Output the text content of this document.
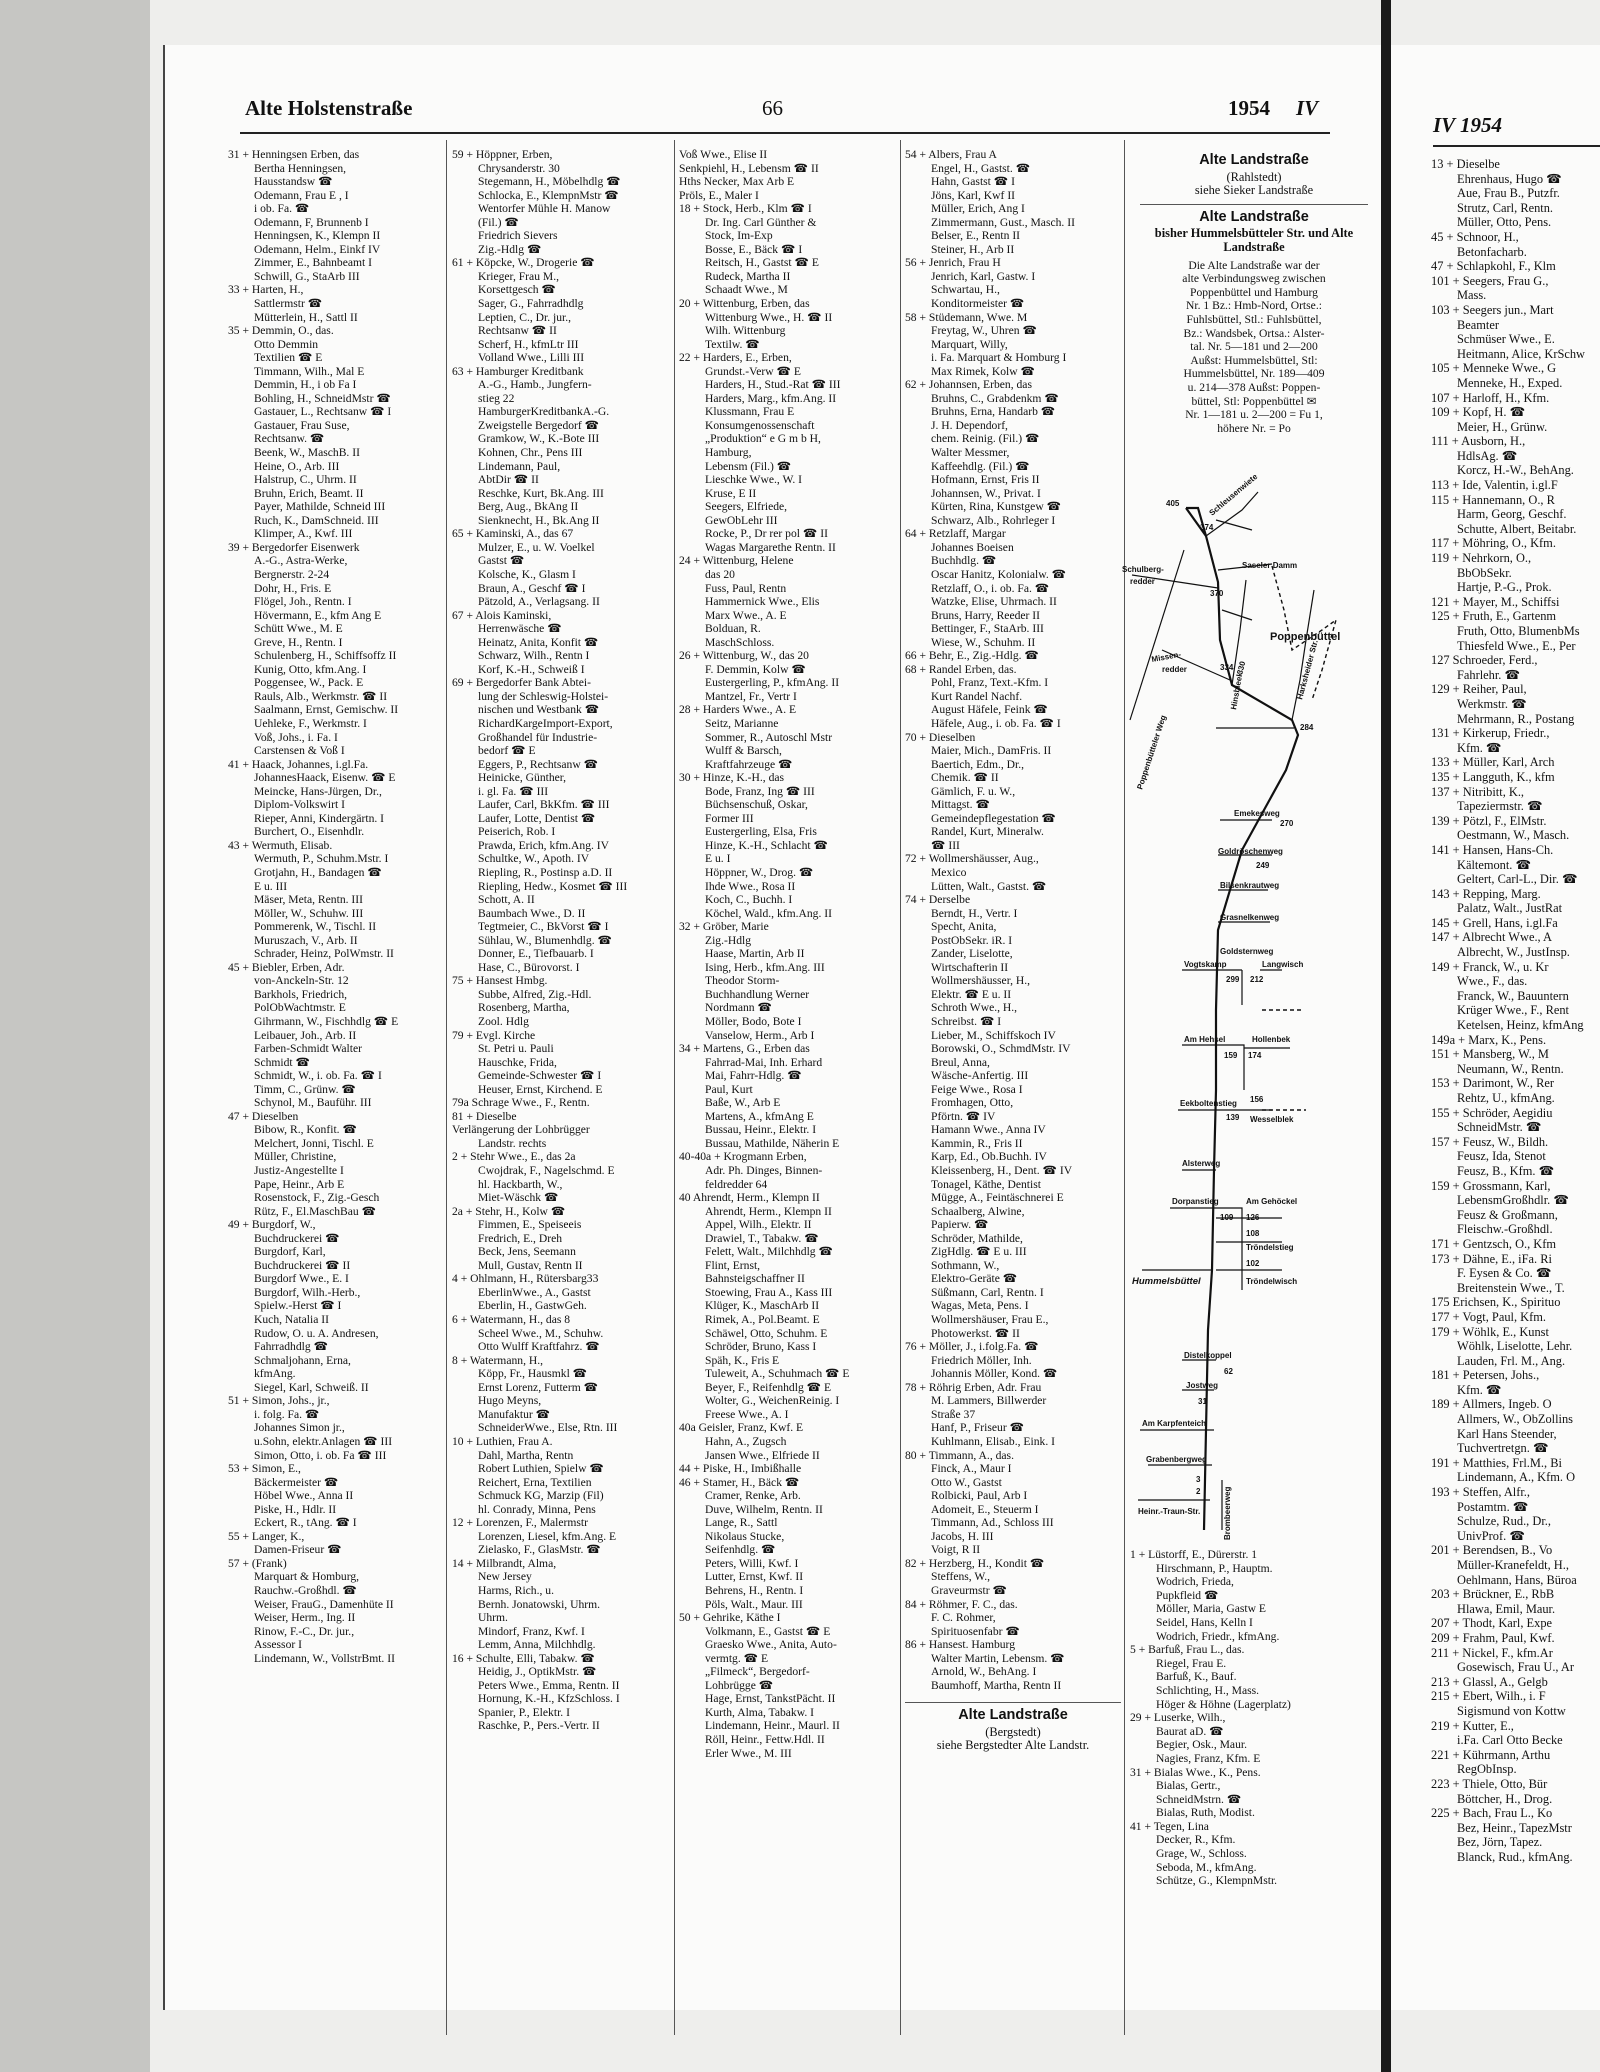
IV 1954
13 + Dieselbe
Ehrenhaus, Hugo ☎
Aue, Frau B., Putzfr.
Strutz, Carl, Rentn.
Müller, Otto, Pens.
45 + Schnoor, H.,
Betonfacharb.
47 + Schlapkohl, F., Klm
101 + Seegers, Frau G.,
Mass.
103 + Seegers jun., Mart
Beamter
Schmüser Wwe., E.
Heitmann, Alice, KrSchw
105 + Menneke Wwe., G
Menneke, H., Exped.
107 + Harloff, H., Kfm.
109 + Kopf, H. ☎
Meier, H., Grünw.
111 + Ausborn, H.,
HdlsAg. ☎
Korcz, H.-W., BehAng.
113 + Ide, Valentin, i.gl.F
115 + Hannemann, O., R
Harm, Georg, Geschf.
Schutte, Albert, Beitabr.
117 + Möhring, O., Kfm.
119 + Nehrkorn, O.,
BbObSekr.
Hartje, P.-G., Prok.
121 + Mayer, M., Schiffsi
125 + Fruth, E., Gartenm
Fruth, Otto, BlumenbMs
Thiesfeld Wwe., E., Per
127 Schroeder, Ferd.,
Fahrlehr. ☎
129 + Reiher, Paul,
Werkmstr. ☎
Mehrmann, R., Postang
131 + Kirkerup, Friedr.,
Kfm. ☎
133 + Müller, Karl, Arch
135 + Langguth, K., kfm
137 + Nitribitt, K.,
Tapeziermstr. ☎
139 + Pötzl, F., ElMstr.
Oestmann, W., Masch.
141 + Hansen, Hans-Ch.
Kältemont. ☎
Geltert, Carl-L., Dir. ☎
143 + Repping, Marg.
Palatz, Walt., JustRat
145 + Grell, Hans, i.gl.Fa
147 + Albrecht Wwe., A
Albrecht, W., JustInsp.
149 + Franck, W., u. Kr
Wwe., F., das.
Franck, W., Bauuntern
Krüger Wwe., F., Rent
Ketelsen, Heinz, kfmAng
149a + Marx, K., Pens.
151 + Mansberg, W., M
Neumann, W., Rentn.
153 + Darimont, W., Rer
Rehtz, U., kfmAng.
155 + Schröder, Aegidiu
SchneidMstr. ☎
157 + Feusz, W., Bildh.
Feusz, Ida, Stenot
Feusz, B., Kfm. ☎
159 + Grossmann, Karl,
LebensmGroßhdlr. ☎
Feusz & Großmann,
Fleischw.-Großhdl.
171 + Gentzsch, O., Kfm
173 + Dähne, E., iFa. Ri
F. Eysen & Co. ☎
Breitenstein Wwe., T.
175 Erichsen, K., Spirituo
177 + Vogt, Paul, Kfm.
179 + Wöhlk, E., Kunst
Wöhlk, Liselotte, Lehr.
Lauden, Frl. M., Ang.
181 + Petersen, Johs.,
Kfm. ☎
189 + Allmers, Ingeb. O
Allmers, W., ObZollins
Karl Hans Steender,
Tuchvertretgn. ☎
191 + Matthies, Frl.M., Bi
Lindemann, A., Kfm. O
193 + Steffen, Alfr.,
Postamtm. ☎
Schulze, Rud., Dr.,
UnivProf. ☎
201 + Berendsen, B., Vo
Müller-Kranefeldt, H.,
Oehlmann, Hans, Büroa
203 + Brückner, E., RbB
Hlawa, Emil, Maur.
207 + Thodt, Karl, Expe
209 + Frahm, Paul, Kwf.
211 + Nickel, F., kfm.Ar
Gosewisch, Frau U., Ar
213 + Glassl, A., Gelgb
215 + Ebert, Wilh., i. F
Sigismund von Kottw
219 + Kutter, E.,
i.Fa. Carl Otto Becke
221 + Kührmann, Arthu
RegObInsp.
223 + Thiele, Otto, Bür
Böttcher, H., Drog.
225 + Bach, Frau L., Ko
Bez, Heinr., TapezMstr
Bez, Jörn, Tapez.
Blanck, Rud., kfmAng.
Alte Holstenstraße	66	1954 IV
31 + Henningsen Erben, das
Bertha Henningsen,
Hausstandsw ☎
Odemann, Frau E , I
i ob. Fa. ☎
Odemann, F, Brunnenb I
Henningsen, K., Klempn II
Odemann, Helm., Einkf IV
Zimmer, E., Bahnbeamt I
Schwill, G., StaArb III
33 + Harten, H.,
Sattlermstr ☎
Mütterlein, H., Sattl II
35 + Demmin, O., das.
Otto Demmin
Textilien ☎ E
Timmann, Wilh., Mal E
Demmin, H., i ob Fa I
Bohling, H., SchneidMstr ☎
Gastauer, L., Rechtsanw ☎ I
Gastauer, Frau Suse,
Rechtsanw. ☎
Beenk, W., MaschB. II
Heine, O., Arb. III
Halstrup, C., Uhrm. II
Bruhn, Erich, Beamt. II
Payer, Mathilde, Schneid III
Ruch, K., DamSchneid. III
Klimper, A., Kwf. III
39 + Bergedorfer Eisenwerk
A.-G., Astra-Werke,
Bergnerstr. 2-24
Dohr, H., Fris. E
Flögel, Joh., Rentn. I
Hövermann, E., kfm Ang E
Schütt Wwe., M. E
Greve, H., Rentn. I
Schulenberg, H., Schiffsoffz II
Kunig, Otto, kfm.Ang. I
Poggensee, W., Pack. E
Rauls, Alb., Werkmstr. ☎ II
Saalmann, Ernst, Gemischw. II
Uehleke, F., Werkmstr. I
Voß, Johs., i. Fa. I
Carstensen & Voß I
41 + Haack, Johannes, i.gl.Fa.
JohannesHaack, Eisenw. ☎ E
Meincke, Hans-Jürgen, Dr.,
Diplom-Volkswirt I
Rieper, Anni, Kindergärtn. I
Burchert, O., Eisenhdlr.
43 + Wermuth, Elisab.
Wermuth, P., Schuhm.Mstr. I
Grotjahn, H., Bandagen ☎
E u. III
Mäser, Meta, Rentn. III
Möller, W., Schuhw. III
Pommerenk, W., Tischl. II
Muruszach, V., Arb. II
Schrader, Heinz, PolWmstr. II
45 + Biebler, Erben, Adr.
von-Anckeln-Str. 12
Barkhols, Friedrich,
PolObWachtmstr. E
Gihrmann, W., Fischhdlg ☎ E
Leibauer, Joh., Arb. II
Farben-Schmidt Walter
Schmidt ☎
Schmidt, W., i. ob. Fa. ☎ I
Timm, C., Grünw. ☎
Schynol, M., Bauführ. III
47 + Dieselben
Bibow, R., Konfit. ☎
Melchert, Jonni, Tischl. E
Müller, Christine,
Justiz-Angestellte I
Pape, Heinr., Arb E
Rosenstock, F., Zig.-Gesch
Rütz, F., El.MaschBau ☎
49 + Burgdorf, W.,
Buchdruckerei ☎
Burgdorf, Karl,
Buchdruckerei ☎ II
Burgdorf Wwe., E. I
Burgdorf, Wilh.-Herb.,
Spielw.-Herst ☎ I
Kuch, Natalia II
Rudow, O. u. A. Andresen,
Fahrradhdlg ☎
Schmaljohann, Erna,
kfmAng.
Siegel, Karl, Schweiß. II
51 + Simon, Johs., jr.,
i. folg. Fa. ☎
Johannes Simon jr.,
u.Sohn, elektr.Anlagen ☎ III
Simon, Otto, i. ob. Fa ☎ III
53 + Simon, E.,
Bäckermeister ☎
Höbel Wwe., Anna II
Piske, H., Hdlr. II
Eckert, R., tAng. ☎ I
55 + Langer, K.,
Damen-Friseur ☎
57 + (Frank)
Marquart & Homburg,
Rauchw.-Großhdl. ☎
Weiser, FrauG., Damenhüte II
Weiser, Herm., Ing. II
Rinow, F.-C., Dr. jur.,
Assessor I
Lindemann, W., VollstrBmt. II
59 + Höppner, Erben,
Chrysanderstr. 30
Stegemann, H., Möbelhdlg ☎
Schlocka, E., KlempnMstr ☎
Wentorfer Mühle H. Manow
(Fil.) ☎
Friedrich Sievers
Zig.-Hdlg ☎
61 + Köpcke, W., Drogerie ☎
Krieger, Frau M.,
Korsettgesch ☎
Sager, G., Fahrradhdlg
Leptien, C., Dr. jur.,
Rechtsanw ☎ II
Scherf, H., kfmLtr III
Volland Wwe., Lilli III
63 + Hamburger Kreditbank
A.-G., Hamb., Jungfern-
stieg 22
HamburgerKreditbankA.-G.
Zweigstelle Bergedorf ☎
Gramkow, W., K.-Bote III
Kohnen, Chr., Pens III
Lindemann, Paul,
AbtDir ☎ II
Reschke, Kurt, Bk.Ang. III
Berg, Aug., BkAng II
Sienknecht, H., Bk.Ang II
65 + Kaminski, A., das 67
Mulzer, E., u. W. Voelkel
Gastst ☎
Kolsche, K., Glasm I
Braun, A., Geschf ☎ I
Pätzold, A., Verlagsang. II
67 + Alois Kaminski,
Herrenwäsche ☎
Heinatz, Anita, Konfit ☎
Schwarz, Wilh., Rentn I
Korf, K.-H., Schweiß I
69 + Bergedorfer Bank Abtei-
lung der Schleswig-Holstei-
nischen und Westbank ☎
RichardKargeImport-Export,
Großhandel für Industrie-
bedorf ☎ E
Eggers, P., Rechtsanw ☎
Heinicke, Günther,
i. gl. Fa. ☎ III
Laufer, Carl, BkKfm. ☎ III
Laufer, Lotte, Dentist ☎
Peiserich, Rob. I
Prawda, Erich, kfm.Ang. IV
Schultke, W., Apoth. IV
Riepling, R., Postinsp a.D. II
Riepling, Hedw., Kosmet ☎ III
Schott, A. II
Baumbach Wwe., D. II
Tegtmeier, C., BkVorst ☎ I
Sühlau, W., Blumenhdlg. ☎
Donner, E., Tiefbauarb. I
Hase, C., Bürovorst. I
75 + Hansest Hmbg.
Subbe, Alfred, Zig.-Hdl.
Rosenberg, Martha,
Zool. Hdlg
79 + Evgl. Kirche
St. Petri u. Pauli
Hauschke, Frida,
Gemeinde-Schwester ☎ I
Heuser, Ernst, Kirchend. E
79a Schrage Wwe., F., Rentn.
81 + Dieselbe
Verlängerung der Lohbrügger
Landstr. rechts
2 + Stehr Wwe., E., das 2a
Cwojdrak, F., Nagelschmd. E
hl. Hackbarth, W.,
Miet-Wäschk ☎
2a + Stehr, H., Kolw ☎
Fimmen, E., Speiseeis
Fredrich, E., Dreh
Beck, Jens, Seemann
Mull, Gustav, Rentn II
4 + Ohlmann, H., Rütersbarg33
EberlinWwe., A., Gastst
Eberlin, H., GastwGeh.
6 + Watermann, H., das 8
Scheel Wwe., M., Schuhw.
Otto Wulff Kraftfahrz. ☎
8 + Watermann, H.,
Köpp, Fr., Hausmkl ☎
Ernst Lorenz, Futterm ☎
Hugo Meyns,
Manufaktur ☎
SchneiderWwe., Else, Rtn. III
10 + Luthien, Frau A.
Dahl, Martha, Rentn
Robert Luthien, Spielw ☎
Reichert, Erna, Textilien
Schmuck KG, Marzip (Fil)
hl. Conrady, Minna, Pens
12 + Lorenzen, F., Malermstr
Lorenzen, Liesel, kfm.Ang. E
Zielasko, F., GlasMstr. ☎
14 + Milbrandt, Alma,
New Jersey
Harms, Rich., u.
Bernh. Jonatowski, Uhrm.
Uhrm.
Mindorf, Franz, Kwf. I
Lemm, Anna, Milchhdlg.
16 + Schulte, Elli, Tabakw. ☎
Heidig, J., OptikMstr. ☎
Peters Wwe., Emma, Rentn. II
Hornung, K.-H., KfzSchloss. I
Spanier, P., Elektr. I
Raschke, P., Pers.-Vertr. II
Voß Wwe., Elise II
Senkpiehl, H., Lebensm ☎ II
Hths Necker, Max Arb E
Pröls, E., Maler I
18 + Stock, Herb., Klm ☎ I
Dr. Ing. Carl Günther &
Stock, Im-Exp
Bosse, E., Bäck ☎ I
Reitsch, H., Gastst ☎ E
Rudeck, Martha II
Schaadt Wwe., M
20 + Wittenburg, Erben, das
Wittenburg Wwe., H. ☎ II
Wilh. Wittenburg
Textilw. ☎
22 + Harders, E., Erben,
Grundst.-Verw ☎ E
Harders, H., Stud.-Rat ☎ III
Harders, Marg., kfm.Ang. II
Klussmann, Frau E
Konsumgenossenschaft
„Produktion“ e G m b H,
Hamburg,
Lebensm (Fil.) ☎
Lieschke Wwe., W. I
Kruse, E II
Seegers, Elfriede,
GewObLehr III
Rocke, P., Dr rer pol ☎ II
Wagas Margarethe Rentn. II
24 + Wittenburg, Helene
das 20
Fuss, Paul, Rentn
Hammernick Wwe., Elis
Marx Wwe., A. E
Bolduan, R.
MaschSchloss.
26 + Wittenburg, W., das 20
F. Demmin, Kolw ☎
Eustergerling, P., kfmAng. II
Mantzel, Fr., Vertr I
28 + Harders Wwe., A. E
Seitz, Marianne
Sommer, R., Autoschl Mstr
Wulff & Barsch,
Kraftfahrzeuge ☎
30 + Hinze, K.-H., das
Bode, Franz, Ing ☎ III
Büchsenschuß, Oskar,
Former III
Eustergerling, Elsa, Fris
Hinze, K.-H., Schlacht ☎
E u. I
Höppner, W., Drog. ☎
Ihde Wwe., Rosa II
Koch, C., Buchh. I
Köchel, Wald., kfm.Ang. II
32 + Gröber, Marie
Zig.-Hdlg
Haase, Martin, Arb II
Ising, Herb., kfm.Ang. III
Theodor Storm-
Buchhandlung Werner
Nordmann ☎
Möller, Bodo, Bote I
Vanselow, Herm., Arb I
34 + Martens, G., Erben das
Fahrrad-Mai, Inh. Erhard
Mai, Fahrr-Hdlg. ☎
Paul, Kurt
Baße, W., Arb E
Martens, A., kfmAng E
Bussau, Heinr., Elektr. I
Bussau, Mathilde, Näherin E
40-40a + Krogmann Erben,
Adr. Ph. Dinges, Binnen-
feldredder 64
40 Ahrendt, Herm., Klempn II
Ahrendt, Herm., Klempn II
Appel, Wilh., Elektr. II
Drawiel, T., Tabakw. ☎
Felett, Walt., Milchhdlg ☎
Flint, Ernst,
Bahnsteigschaffner II
Stoewing, Frau A., Kass III
Klüger, K., MaschArb II
Rimek, A., Pol.Beamt. E
Schäwel, Otto, Schuhm. E
Schröder, Bruno, Kass I
Späh, K., Fris E
Tuleweit, A., Schuhmach ☎ E
Beyer, F., Reifenhdlg ☎ E
Wolter, G., WeichenReinig. I
Freese Wwe., A. I
40a Geisler, Franz, Kwf. E
Hahn, A., Zugsch
Jansen Wwe., Elfriede II
44 + Piske, H., Imbißhalle
46 + Stamer, H., Bäck ☎
Cramer, Renke, Arb.
Duve, Wilhelm, Rentn. II
Lange, R., Sattl
Nikolaus Stucke,
Seifenhdlg. ☎
Peters, Willi, Kwf. I
Lutter, Ernst, Kwf. II
Behrens, H., Rentn. I
Pöls, Walt., Maur. III
50 + Gehrike, Käthe I
Volkmann, E., Gastst ☎ E
Graesko Wwe., Anita, Auto-
vermtg. ☎ E
„Filmeck“, Bergedorf-
Lohbrügge ☎
Hage, Ernst, TankstPächt. II
Kurth, Alma, Tabakw. I
Lindemann, Heinr., Maurl. II
Röll, Heinr., Fettw.Hdl. II
Erler Wwe., M. III
54 + Albers, Frau A
Engel, H., Gastst. ☎
Hahn, Gastst ☎ I
Jöns, Karl, Kwf II
Müller, Erich, Ang I
Zimmermann, Gust., Masch. II
Belser, E., Rentn II
Steiner, H., Arb II
56 + Jenrich, Frau H
Jenrich, Karl, Gastw. I
Schwartau, H.,
Konditormeister ☎
58 + Stüdemann, Wwe. M
Freytag, W., Uhren ☎
Marquart, Willy,
i. Fa. Marquart & Homburg I
Max Rimek, Kolw ☎
62 + Johannsen, Erben, das
Bruhns, C., Grabdenkm ☎
Bruhns, Erna, Handarb ☎
J. H. Dependorf,
chem. Reinig. (Fil.) ☎
Walter Messmer,
Kaffeehdlg. (Fil.) ☎
Hofmann, Ernst, Fris II
Johannsen, W., Privat. I
Kürten, Rina, Kunstgew ☎
Schwarz, Alb., Rohrleger I
64 + Retzlaff, Margar
Johannes Boeisen
Buchhdlg. ☎
Oscar Hanitz, Kolonialw. ☎
Retzlaff, O., i. ob. Fa. ☎
Watzke, Elise, Uhrmach. II
Bruns, Harry, Reeder II
Bettinger, F., StaArb. III
Wiese, W., Schuhm. II
66 + Behr, E., Zig.-Hdlg. ☎
68 + Randel Erben, das.
Pohl, Franz, Text.-Kfm. I
Kurt Randel Nachf.
August Häfele, Feink ☎
Häfele, Aug., i. ob. Fa. ☎ I
70 + Dieselben
Maier, Mich., DamFris. II
Baertich, Edm., Dr.,
Chemik. ☎ II
Gämlich, F. u. W.,
Mittagst. ☎
Gemeindepflegestation ☎
Randel, Kurt, Mineralw.
☎ III
72 + Wollmershäusser, Aug.,
Mexico
Lütten, Walt., Gastst. ☎
74 + Derselbe
Berndt, H., Vertr. I
Specht, Anita,
PostObSekr. iR. I
Zander, Liselotte,
Wirtschafterin II
Wollmershäusser, H.,
Elektr. ☎ E u. II
Schroth Wwe., H.,
Schreibst. ☎ I
Lieber, M., Schiffskoch IV
Borowski, O., SchmdMstr. IV
Breul, Anna,
Wäsche-Anfertig. III
Feige Wwe., Rosa I
Fromhagen, Otto,
Pförtn. ☎ IV
Hamann Wwe., Anna IV
Kammin, R., Fris II
Karp, Ed., Ob.Buchh. IV
Kleissenberg, H., Dent. ☎ IV
Tonagel, Käthe, Dentist
Mügge, A., Feintäschnerei E
Schaalberg, Alwine,
Papierw. ☎
Schröder, Mathilde,
ZigHdlg. ☎ E u. III
Sothmann, W.,
Elektro-Geräte ☎
Süßmann, Carl, Rentn. I
Wagas, Meta, Pens. I
Wollmershäuser, Frau E.,
Photowerkst. ☎ II
76 + Möller, J., i.folg.Fa. ☎
Friedrich Möller, Inh.
Johannis Möller, Kond. ☎
78 + Röhrig Erben, Adr. Frau
M. Lammers, Billwerder
Straße 37
Hanf, P., Friseur ☎
Kuhlmann, Elisab., Eink. I
80 + Timmann, A., das.
Finck, A., Maur I
Otto W., Gastst
Rolbicki, Paul, Arb I
Adomeit, E., Steuerm I
Timmann, Ad., Schloss III
Jacobs, H. III
Voigt, R II
82 + Herzberg, H., Kondit ☎
Steffens, W.,
Graveurmstr ☎
84 + Röhmer, F. C., das.
F. C. Rohmer,
Spirituosenfabr ☎
86 + Hansest. Hamburg
Walter Martin, Lebensm. ☎
Arnold, W., BehAng. I
Baumhoff, Martha, Rentn II
Alte Landstraße
(Bergstedt)
siehe Bergstedter Alte Landstr.
Alte Landstraße
(Rahlstedt)
siehe Sieker Landstraße
Alte Landstraße
bisher Hummelsbütteler Str. und Alte Landstraße
Die Alte Landstraße war der
alte Verbindungsweg zwischen
Poppenbüttel und Hamburg
Nr. 1 Bz.: Hmb-Nord, Ortse.:
Fuhlsbüttel, Stl.: Fuhlsbüttel,
Bz.: Wandsbek, Ortsa.: Alster-
tal. Nr. 5—181 und 2—200
Außst: Hummelsbüttel, Stl:
Hummelsbüttel, Nr. 189—409
u. 214—378 Außst: Poppen-
büttel, Stl: Poppenbüttel ✉
Nr. 1—181 u. 2—200 = Fu 1,
höhere Nr. = Po
405
374
Schleusenwiete
Saseler Damm
Schulberg-
redder
370
Poppenbüttel
Missen-
redder	334 330
284
Hinsbleek	Harksheider Str.
Poppenbütteler Weg
Emekesweg
270
Goldröschenweg
249
Bilsenkrautweg
Grasnelkenweg
Goldsternweg
Vogtskamp	Langwisch
299 212
Am Hehsel	Hollenbek
159 174
Eekboltenstieg
139
156
Wesselblek
Alsterweg
Dorpanstieg	Am Gehöckel
109 126
108
Tröndelstieg
102
Hummelsbüttel	Tröndelwisch
Distelkoppel
62
Jostweg
31
Am Karpfenteich
Grabenbergweg
3
2
Heinr.-Traun-Str.	Brombeerweg
1 + Lüstorff, E., Dürerstr. 1
Hirschmann, P., Hauptm.
Wodrich, Frieda,
Pupkfleid ☎
Möller, Maria, Gastw E
Seidel, Hans, Kelln I
Wodrich, Friedr., kfmAng.
5 + Barfuß, Frau L., das.
Riegel, Frau E.
Barfuß, K., Bauf.
Schlichting, H., Mass.
Höger & Höhne (Lagerplatz)
29 + Luserke, Wilh.,
Baurat aD. ☎
Begier, Osk., Maur.
Nagies, Franz, Kfm. E
31 + Bialas Wwe., K., Pens.
Bialas, Gertr.,
SchneidMstrn. ☎
Bialas, Ruth, Modist.
41 + Tegen, Lina
Decker, R., Kfm.
Grage, W., Schloss.
Seboda, M., kfmAng.
Schütze, G., KlempnMstr.
